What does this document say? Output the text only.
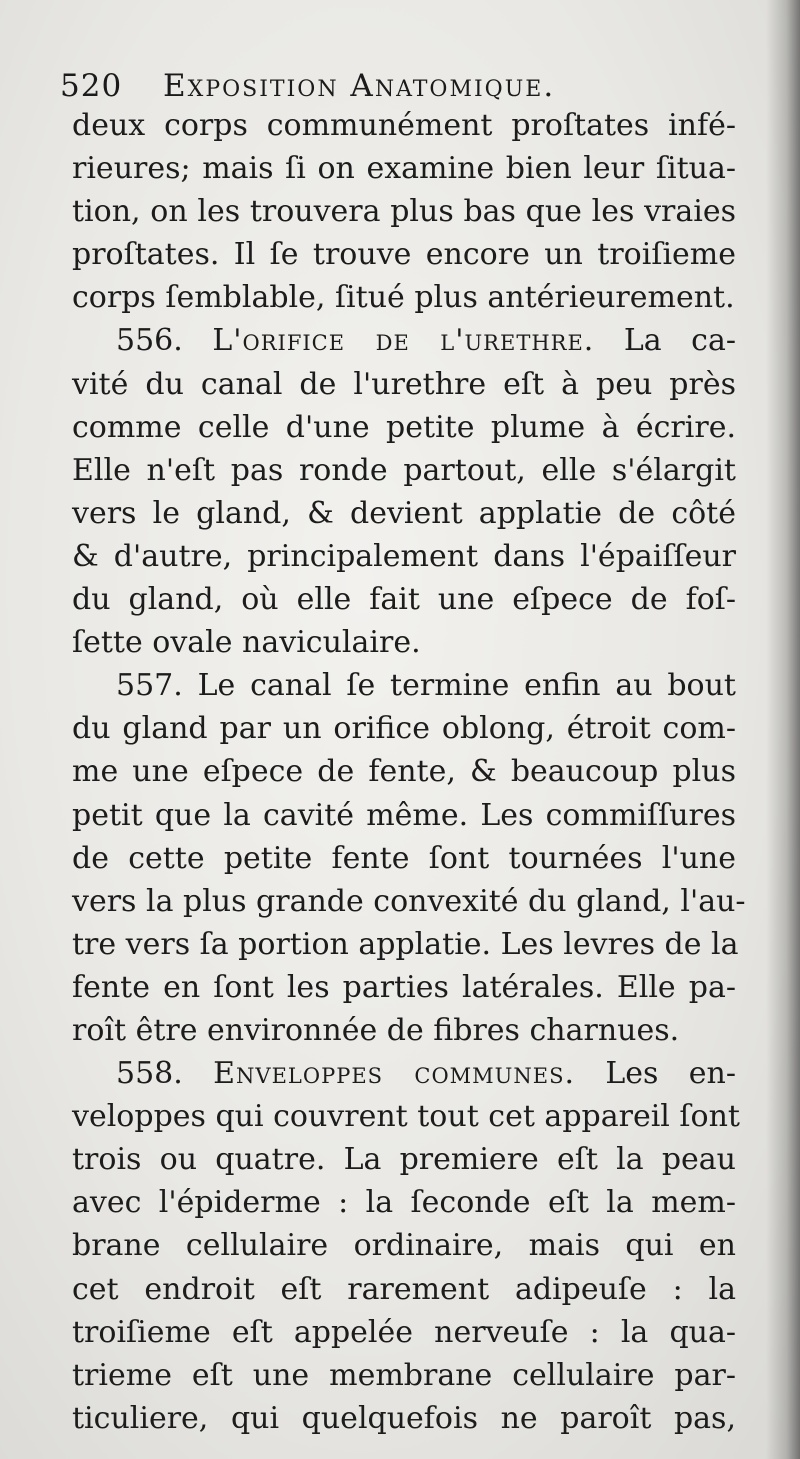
520 Exposition Anatomique.
deux corps communément proſtates infé-
rieures; mais ſi on examine bien leur ſitua-
tion, on les trouvera plus bas que les vraies
proſtates. Il ſe trouve encore un troiſieme
corps ſemblable, ſitué plus antérieurement.
556. L'orifice de l'urethre. La ca-
vité du canal de l'urethre eſt à peu près
comme celle d'une petite plume à écrire.
Elle n'eſt pas ronde partout, elle s'élargit
vers le gland, & devient applatie de côté
& d'autre, principalement dans l'épaiſſeur
du gland, où elle fait une eſpece de foſ-
ſette ovale naviculaire.
557. Le canal ſe termine enfin au bout
du gland par un orifice oblong, étroit com-
me une eſpece de fente, & beaucoup plus
petit que la cavité même. Les commiſſures
de cette petite fente ſont tournées l'une
vers la plus grande convexité du gland, l'au-
tre vers ſa portion applatie. Les levres de la
fente en ſont les parties latérales. Elle pa-
roît être environnée de fibres charnues.
558. Enveloppes communes. Les en-
veloppes qui couvrent tout cet appareil ſont
trois ou quatre. La premiere eſt la peau
avec l'épiderme : la ſeconde eſt la mem-
brane cellulaire ordinaire, mais qui en
cet endroit eſt rarement adipeuſe : la
troiſieme eſt appelée nerveuſe : la qua-
trieme eſt une membrane cellulaire par-
ticuliere, qui quelquefois ne paroît pas,
